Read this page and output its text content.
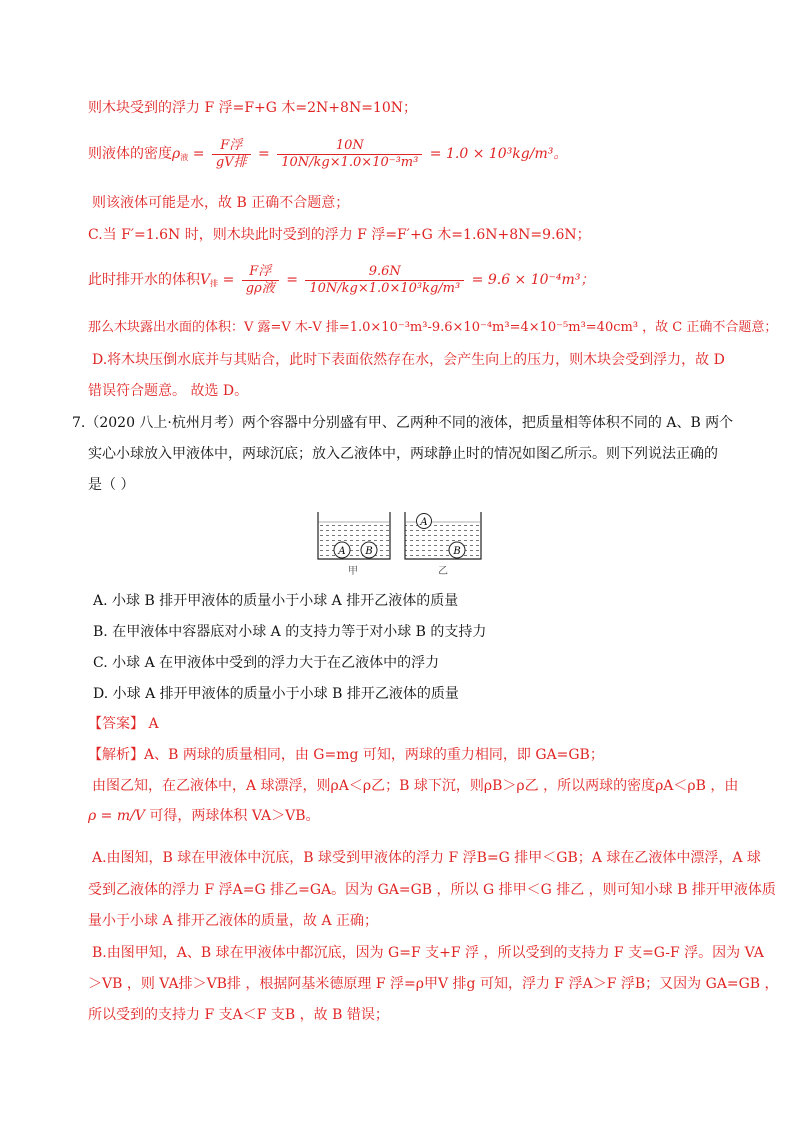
则木块受到的浮力 F 浮=F+G 木=2N+8N=10N；
则液体的密度$\rho_液 = \frac{\text{F浮}}{\text{gV排}} = \frac{10N}{\text{10N/kg×1.0×10⁻³m³}} = 1.0 \times 10^3kg/m^3$。
则该液体可能是水，故 B 正确不合题意；
C.当 F′=1.6N 时，则木块此时受到的浮力 F 浮=F′+G 木=1.6N+8N=9.6N；
此时排开水的体积$V_排 = \frac{\text{F浮}}{\text{gρ液}} = \frac{9.6N}{\text{10N/kg×1.0×10³kg/m³}} = 9.6 \times 10^{-4}m^3$；
那么木块露出水面的体积：V 露=V 木-V 排=1.0×10⁻³m³-9.6×10⁻⁴m³=4×10⁻⁵m³=40cm³ ，故 C 正确不合题意；
D.将木块压倒水底并与其贴合，此时下表面依然存在水，会产生向上的压力，则木块会受到浮力，故 D
错误符合题意。 故选 D。
7.（2020 八上·杭州月考）两个容器中分别盛有甲、乙两种不同的液体，把质量相等体积不同的 A、B 两个
实心小球放入甲液体中，两球沉底；放入乙液体中，两球静止时的情况如图乙所示。则下列说法正确的
是（ ）
A B
甲
A
B
乙
A. 小球 B 排开甲液体的质量小于小球 A 排开乙液体的质量
B. 在甲液体中容器底对小球 A 的支持力等于对小球 B 的支持力
C. 小球 A 在甲液体中受到的浮力大于在乙液体中的浮力
D. 小球 A 排开甲液体的质量小于小球 B 排开乙液体的质量
【答案】 A
【解析】A、B 两球的质量相同，由 G=mg 可知，两球的重力相同，即 GA=GB；
由图乙知，在乙液体中，A 球漂浮，则ρA＜ρ乙；B 球下沉，则ρB＞ρ乙 ，所以两球的密度ρA＜ρB ，由
ρ = m/V 可得，两球体积 VA＞VB。
A.由图知，B 球在甲液体中沉底，B 球受到甲液体的浮力 F 浮B=G 排甲＜GB；A 球在乙液体中漂浮，A 球
受到乙液体的浮力 F 浮A=G 排乙=GA。因为 GA=GB ，所以 G 排甲＜G 排乙 ，则可知小球 B 排开甲液体质
量小于小球 A 排开乙液体的质量，故 A 正确；
B.由图甲知，A、B 球在甲液体中都沉底，因为 G=F 支+F 浮 ，所以受到的支持力 F 支=G-F 浮。因为 VA
＞VB ，则 VA排＞VB排 ，根据阿基米德原理 F 浮=ρ甲V 排g 可知，浮力 F 浮A＞F 浮B；又因为 GA=GB ，
所以受到的支持力 F 支A＜F 支B ，故 B 错误；
